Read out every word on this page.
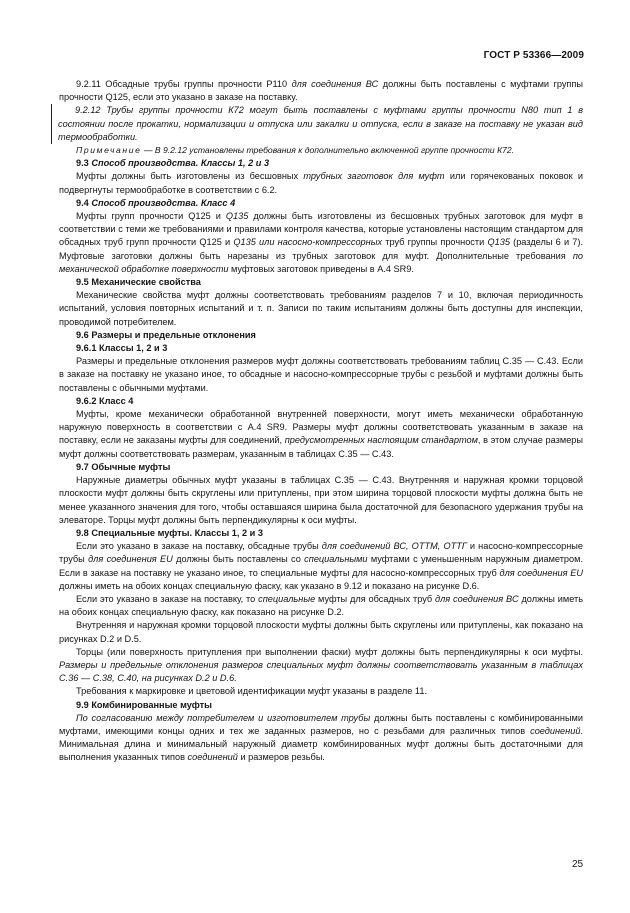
ГОСТ Р 53366—2009

9.2.11 Обсадные трубы группы прочности Р110 для соединения ВС должны быть поставлены с муфтами группы прочности Q125, если это указано в заказе на поставку.

9.2.12 Трубы группы прочности К72 могут быть поставлены с муфтами группы прочности N80 тип 1 в состоянии после прокатки, нормализации и отпуска или закалки и отпуска, если в заказе на поставку не указан вид термообработки.

Примечание — В 9.2.12 установлены требования к дополнительно включенной группе прочности К72.

9.3 Способ производства. Классы 1, 2 и 3

Муфты должны быть изготовлены из бесшовных трубных заготовок для муфт или горячекованых поковок и подвергнуты термообработке в соответствии с 6.2.

9.4 Способ производства. Класс 4

Муфты групп прочности Q125 и Q135 должны быть изготовлены из бесшовных трубных заготовок для муфт в соответствии с теми же требованиями и правилами контроля качества, которые установлены настоящим стандартом для обсадных труб групп прочности Q125 и Q135 или насосно-компрессорных труб группы прочности Q135 (разделы 6 и 7). Муфтовые заготовки должны быть нарезаны из трубных заготовок для муфт. Дополнительные требования по механической обработке поверхности муфтовых заготовок приведены в А.4 SR9.

9.5 Механические свойства

Механические свойства муфт должны соответствовать требованиям разделов 7 и 10, включая периодичность испытаний, условия повторных испытаний и т. п. Записи по таким испытаниям должны быть доступны для инспекции, проводимой потребителем.

9.6 Размеры и предельные отклонения

9.6.1 Классы 1, 2 и 3

Размеры и предельные отклонения размеров муфт должны соответствовать требованиям таблиц С.35 — С.43. Если в заказе на поставку не указано иное, то обсадные и насосно-компрессорные трубы с резьбой и муфтами должны быть поставлены с обычными муфтами.

9.6.2 Класс 4

Муфты, кроме механически обработанной внутренней поверхности, могут иметь механически обработанную наружную поверхность в соответствии с А.4 SR9. Размеры муфт должны соответствовать указанным в заказе на поставку, если не заказаны муфты для соединений, предусмотренных настоящим стандартом, в этом случае размеры муфт должны соответствовать размерам, указанным в таблицах С.35 — С.43.

9.7 Обычные муфты

Наружные диаметры обычных муфт указаны в таблицах С.35 — С.43. Внутренняя и наружная кромки торцовой плоскости муфт должны быть скруглены или притуплены, при этом ширина торцовой плоскости муфты должна быть не менее указанного значения для того, чтобы оставшаяся ширина была достаточной для безопасного удержания трубы на элеваторе. Торцы муфт должны быть перпендикулярны к оси муфты.

9.8 Специальные муфты. Классы 1, 2 и 3

Если это указано в заказе на поставку, обсадные трубы для соединений ВС, ОТТМ, ОТТГ и насосно-компрессорные трубы для соединения EU должны быть поставлены со специальными муфтами с уменьшенным наружным диаметром. Если в заказе на поставку не указано иное, то специальные муфты для насосно-компрессорных труб для соединения EU должны иметь на обоих концах специальную фаску, как указано в 9.12 и показано на рисунке D.6.

Если это указано в заказе на поставку, то специальные муфты для обсадных труб для соединения ВС должны иметь на обоих концах специальную фаску, как показано на рисунке D.2.

Внутренняя и наружная кромки торцовой плоскости муфты должны быть скруглены или притуплены, как показано на рисунках D.2 и D.5.

Торцы (или поверхность притупления при выполнении фаски) муфт должны быть перпендикулярны к оси муфты. Размеры и предельные отклонения размеров специальных муфт должны соответствовать указанным в таблицах С.36 — С.38, С.40, на рисунках D.2 и D.6.

Требования к маркировке и цветовой идентификации муфт указаны в разделе 11.

9.9 Комбинированные муфты

По согласованию между потребителем и изготовителем трубы должны быть поставлены с комбинированными муфтами, имеющими концы одних и тех же заданных размеров, но с резьбами для различных типов соединений. Минимальная длина и минимальный наружный диаметр комбинированных муфт должны быть достаточными для выполнения указанных типов соединений и размеров резьбы.

25
